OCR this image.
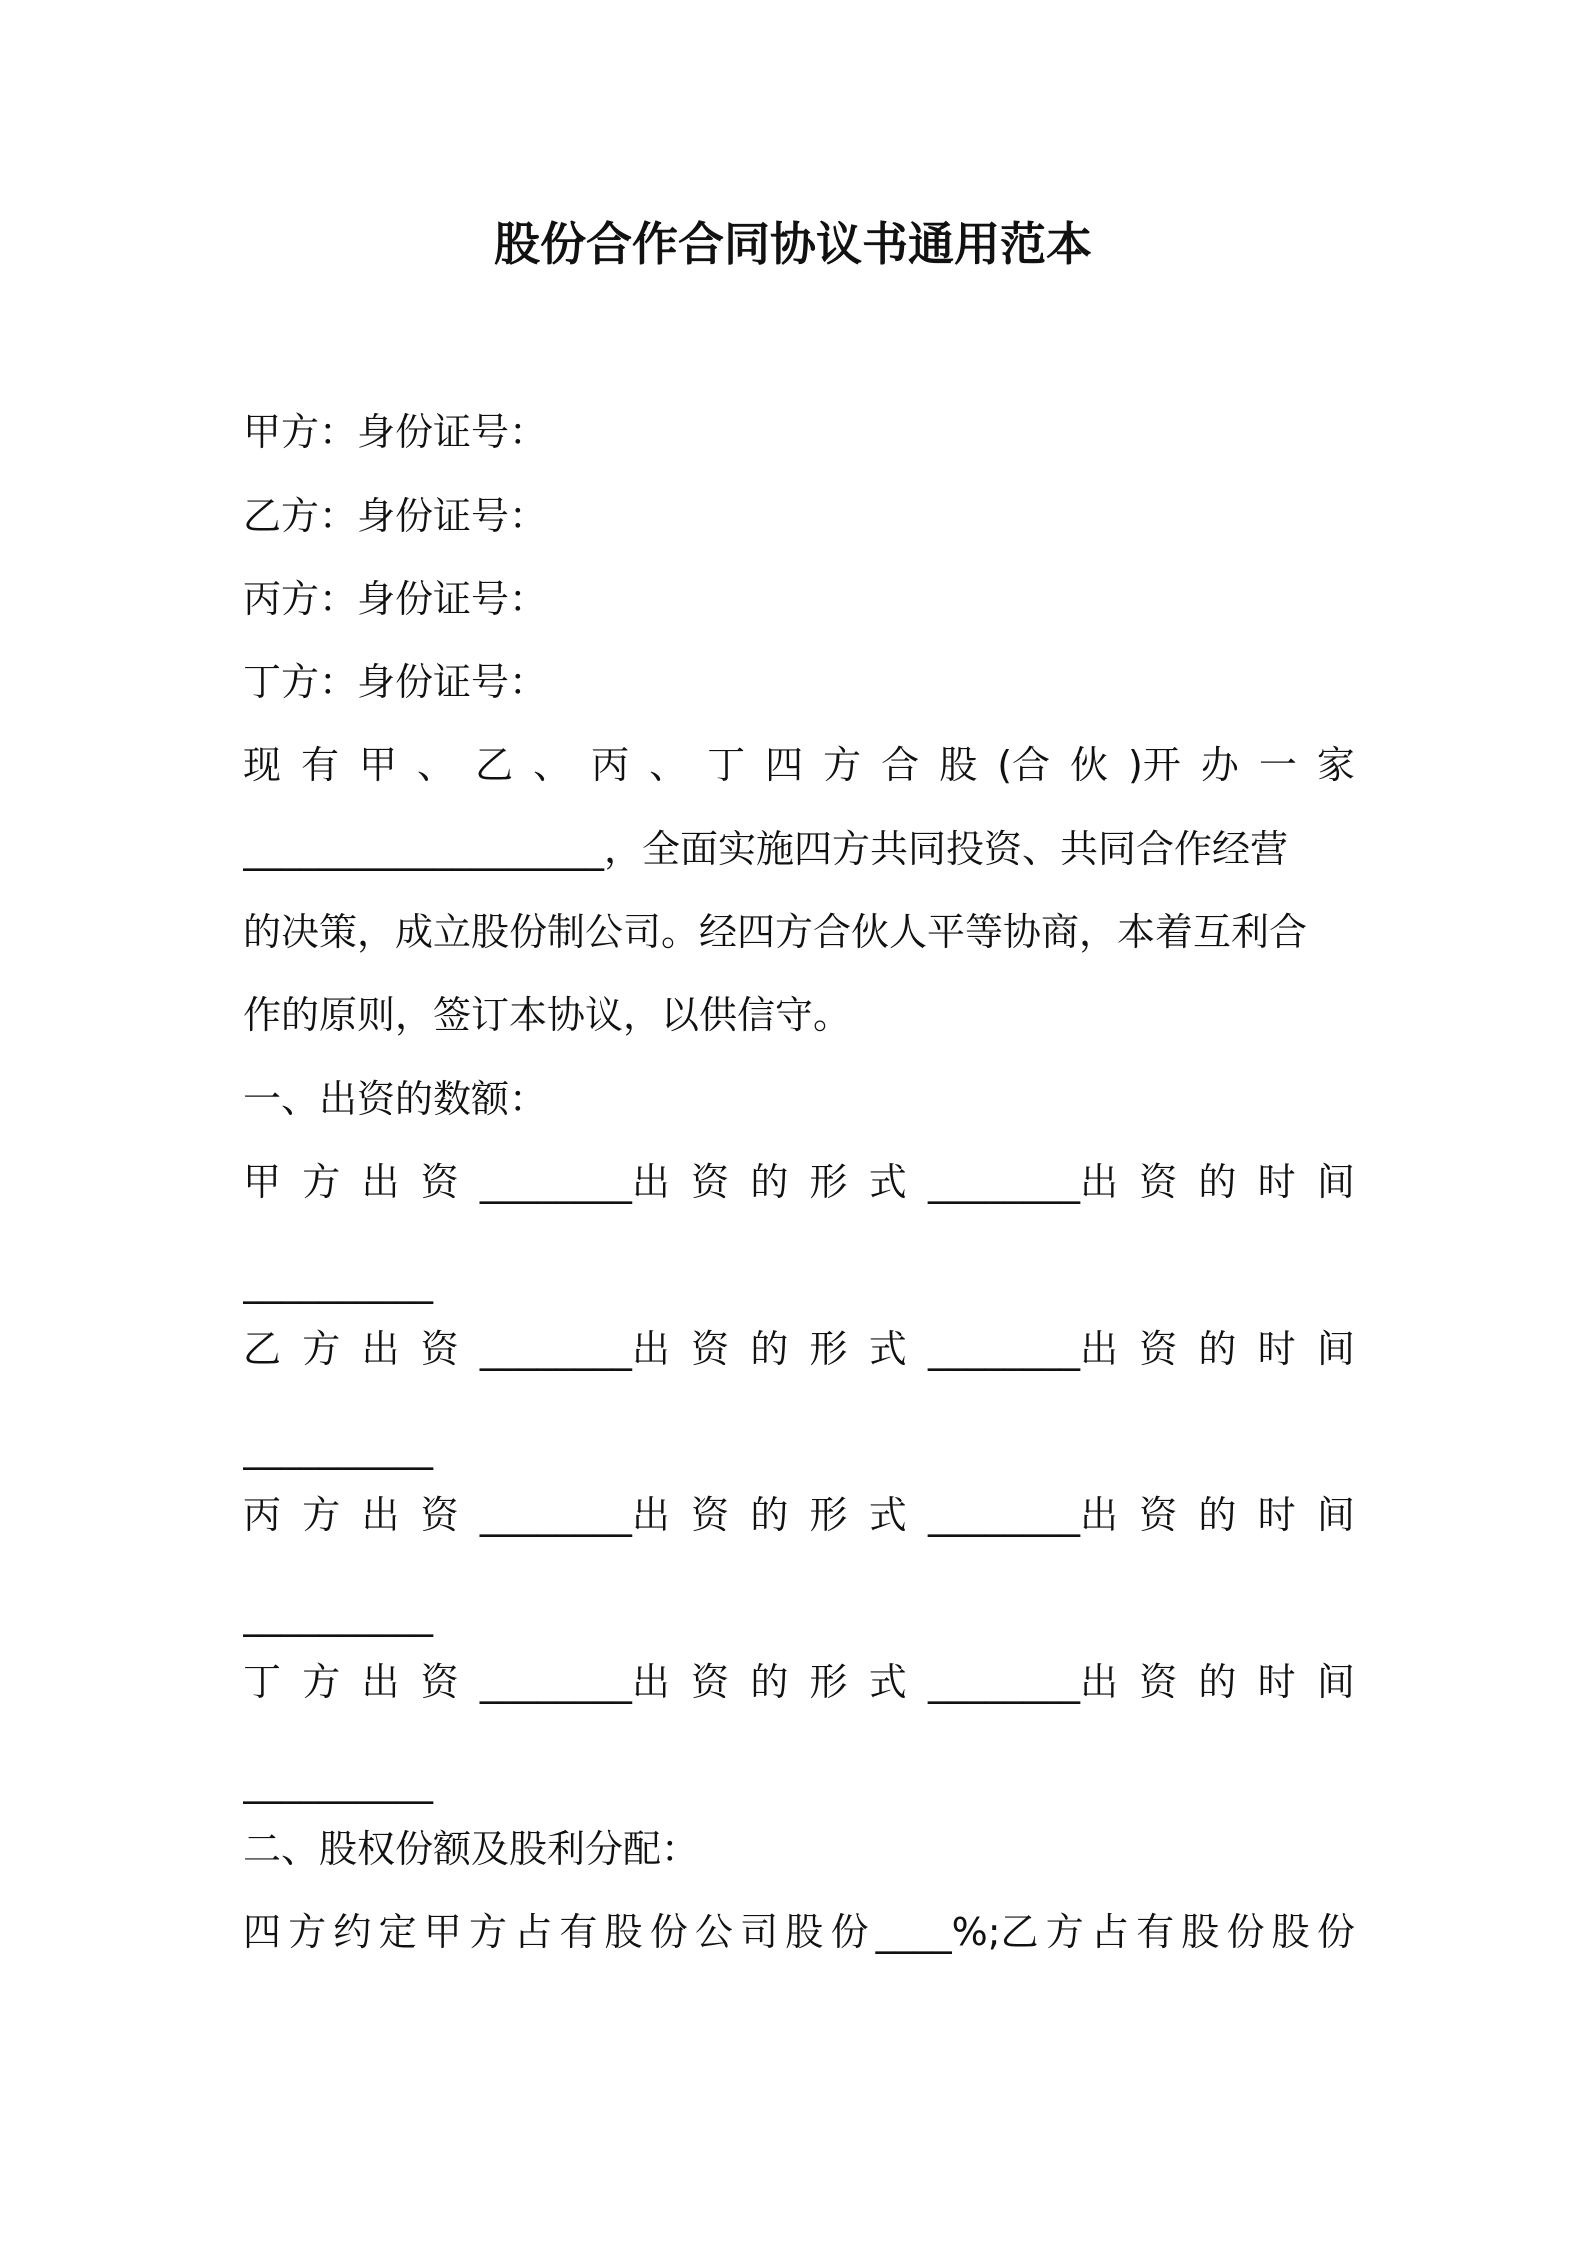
股份合作合同协议书通用范本

甲方：身份证号：

乙方：身份证号：

丙方：身份证号：

丁方：身份证号：

现 有 甲 、 乙 、 丙 、 丁 四 方 合 股 (合 伙 )开 办 一 家

___________________，全面实施四方共同投资、共同合作经营

的决策，成立股份制公司。经四方合伙人平等协商，本着互利合

作的原则，签订本协议，以供信守。

一、出资的数额：

甲 方 出 资 ________出 资 的 形 式 ________出 资 的 时 间

__________

乙 方 出 资 ________出 资 的 形 式 ________出 资 的 时 间

__________

丙 方 出 资 ________出 资 的 形 式 ________出 资 的 时 间

__________

丁 方 出 资 ________出 资 的 形 式 ________出 资 的 时 间

__________

二、股权份额及股利分配：

四 方 约 定 甲 方 占 有 股 份 公 司 股 份 ____%;乙 方 占 有 股 份 股 份
